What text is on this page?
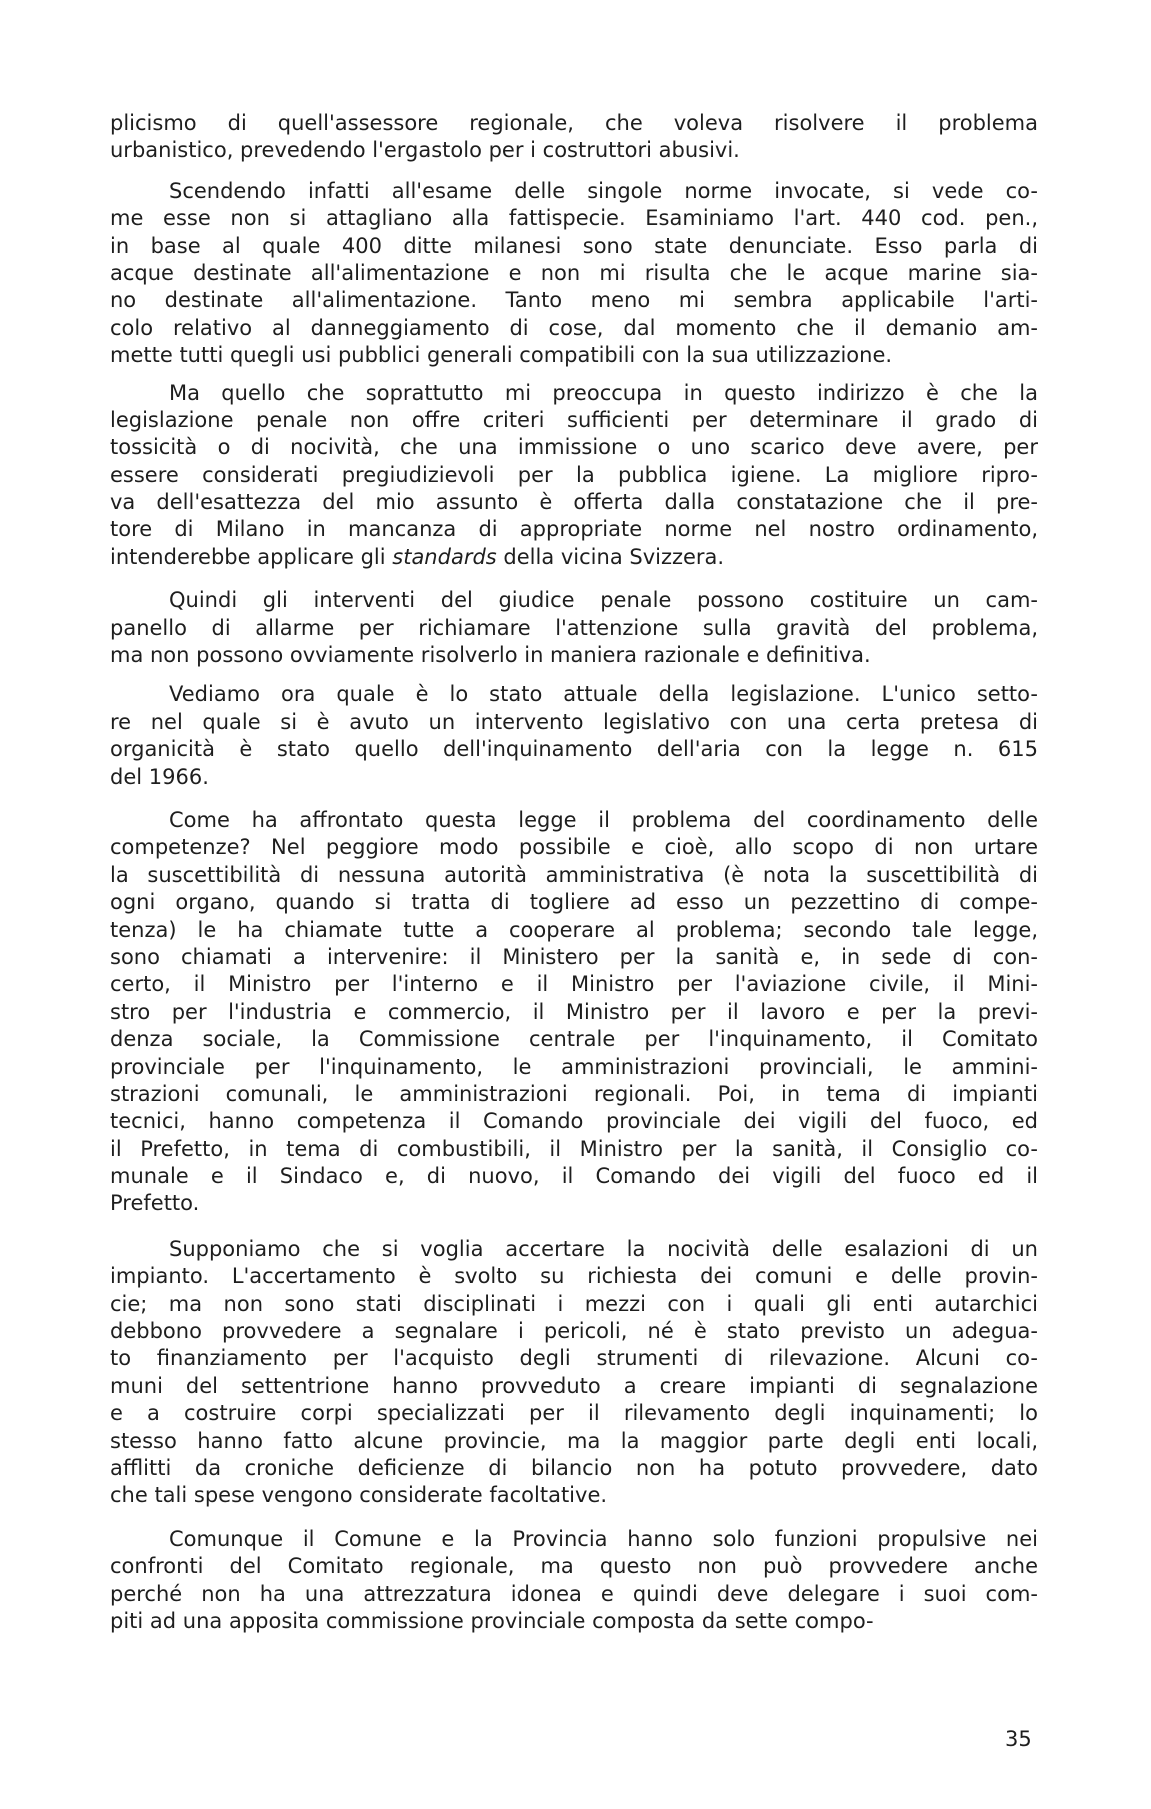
plicismo di quell'assessore regionale, che voleva risolvere il problema
urbanistico, prevedendo l'ergastolo per i costruttori abusivi.
Scendendo infatti all'esame delle singole norme invocate, si vede co-
me esse non si attagliano alla fattispecie. Esaminiamo l'art. 440 cod. pen.,
in base al quale 400 ditte milanesi sono state denunciate. Esso parla di
acque destinate all'alimentazione e non mi risulta che le acque marine sia-
no destinate all'alimentazione. Tanto meno mi sembra applicabile l'arti-
colo relativo al danneggiamento di cose, dal momento che il demanio am-
mette tutti quegli usi pubblici generali compatibili con la sua utilizzazione.
Ma quello che soprattutto mi preoccupa in questo indirizzo è che la
legislazione penale non offre criteri sufficienti per determinare il grado di
tossicità o di nocività, che una immissione o uno scarico deve avere, per
essere considerati pregiudizievoli per la pubblica igiene. La migliore ripro-
va dell'esattezza del mio assunto è offerta dalla constatazione che il pre-
tore di Milano in mancanza di appropriate norme nel nostro ordinamento,
intenderebbe applicare gli standards della vicina Svizzera.
Quindi gli interventi del giudice penale possono costituire un cam-
panello di allarme per richiamare l'attenzione sulla gravità del problema,
ma non possono ovviamente risolverlo in maniera razionale e definitiva.
Vediamo ora quale è lo stato attuale della legislazione. L'unico setto-
re nel quale si è avuto un intervento legislativo con una certa pretesa di
organicità è stato quello dell'inquinamento dell'aria con la legge n. 615
del 1966.
Come ha affrontato questa legge il problema del coordinamento delle
competenze? Nel peggiore modo possibile e cioè, allo scopo di non urtare
la suscettibilità di nessuna autorità amministrativa (è nota la suscettibilità di
ogni organo, quando si tratta di togliere ad esso un pezzettino di compe-
tenza) le ha chiamate tutte a cooperare al problema; secondo tale legge,
sono chiamati a intervenire: il Ministero per la sanità e, in sede di con-
certo, il Ministro per l'interno e il Ministro per l'aviazione civile, il Mini-
stro per l'industria e commercio, il Ministro per il lavoro e per la previ-
denza sociale, la Commissione centrale per l'inquinamento, il Comitato
provinciale per l'inquinamento, le amministrazioni provinciali, le ammini-
strazioni comunali, le amministrazioni regionali. Poi, in tema di impianti
tecnici, hanno competenza il Comando provinciale dei vigili del fuoco, ed
il Prefetto, in tema di combustibili, il Ministro per la sanità, il Consiglio co-
munale e il Sindaco e, di nuovo, il Comando dei vigili del fuoco ed il
Prefetto.
Supponiamo che si voglia accertare la nocività delle esalazioni di un
impianto. L'accertamento è svolto su richiesta dei comuni e delle provin-
cie; ma non sono stati disciplinati i mezzi con i quali gli enti autarchici
debbono provvedere a segnalare i pericoli, né è stato previsto un adegua-
to finanziamento per l'acquisto degli strumenti di rilevazione. Alcuni co-
muni del settentrione hanno provveduto a creare impianti di segnalazione
e a costruire corpi specializzati per il rilevamento degli inquinamenti; lo
stesso hanno fatto alcune provincie, ma la maggior parte degli enti locali,
afflitti da croniche deficienze di bilancio non ha potuto provvedere, dato
che tali spese vengono considerate facoltative.
Comunque il Comune e la Provincia hanno solo funzioni propulsive nei
confronti del Comitato regionale, ma questo non può provvedere anche
perché non ha una attrezzatura idonea e quindi deve delegare i suoi com-
piti ad una apposita commissione provinciale composta da sette compo-
35
